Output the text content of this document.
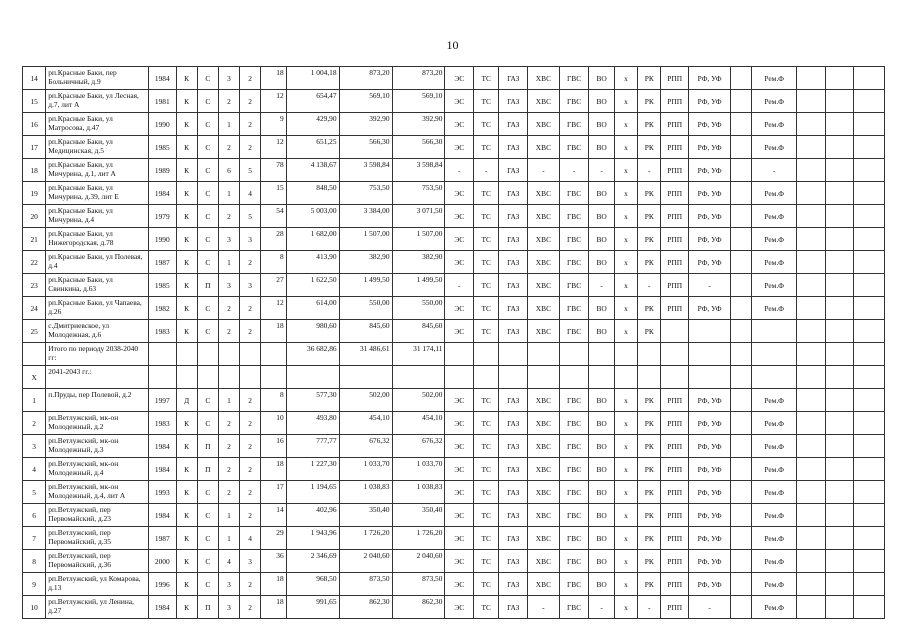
10
14	рп.Красные Баки, пер Больничный, д.9	1984	К	С	3	2	18	1 004,18	873,20	873,20	ЭС	ТС	ГАЗ	ХВС	ГВС	ВО	х	РК	РПП	РФ, УФ		Рем.Ф			
15	рп.Красные Баки, ул Лесная, д.7, лит А	1981	К	С	2	2	12	654,47	569,10	569,10	ЭС	ТС	ГАЗ	ХВС	ГВС	ВО	х	РК	РПП	РФ, УФ		Рем.Ф			
16	рп.Красные Баки, ул Матросова, д.47	1990	К	С	1	2	9	429,90	392,90	392,90	ЭС	ТС	ГАЗ	ХВС	ГВС	ВО	х	РК	РПП	РФ, УФ		Рем.Ф			
17	рп.Красные Баки, ул Медицинская, д.5	1985	К	С	2	2	12	651,25	566,30	566,30	ЭС	ТС	ГАЗ	ХВС	ГВС	ВО	х	РК	РПП	РФ, УФ		Рем.Ф			
18	рп.Красные Баки, ул Мичурина, д.1, лит А	1989	К	С	6	5	78	4 138,67	3 598,84	3 598,84	-	-	ГАЗ	-	-	-	х	-	РПП	РФ, УФ		-			
19	рп.Красные Баки, ул Мичурина, д.39, лит Е	1984	К	С	1	4	15	848,50	753,50	753,50	ЭС	ТС	ГАЗ	ХВС	ГВС	ВО	х	РК	РПП	РФ, УФ		Рем.Ф			
20	рп.Красные Баки, ул Мичурина, д.4	1979	К	С	2	5	54	5 003,00	3 384,00	3 071,50	ЭС	ТС	ГАЗ	ХВС	ГВС	ВО	х	РК	РПП	РФ, УФ		Рем.Ф			
21	рп.Красные Баки, ул Нижегородская, д.78	1990	К	С	3	3	28	1 682,00	1 507,00	1 507,00	ЭС	ТС	ГАЗ	ХВС	ГВС	ВО	х	РК	РПП	РФ, УФ		Рем.Ф			
22	рп.Красные Баки, ул Полевая, д.4	1987	К	С	1	2	8	413,90	382,90	382,90	ЭС	ТС	ГАЗ	ХВС	ГВС	ВО	х	РК	РПП	РФ, УФ		Рем.Ф			
23	рп.Красные Баки, ул Свинкина, д.63	1985	К	П	3	3	27	1 622,50	1 499,50	1 499,50	-	ТС	ГАЗ	ХВС	ГВС	-	х	-	РПП	-		Рем.Ф			
24	рп.Красные Баки, ул Чапаева, д.26	1982	К	С	2	2	12	614,00	550,00	550,00	ЭС	ТС	ГАЗ	ХВС	ГВС	ВО	х	РК	РПП	РФ, УФ		Рем.Ф			
25	с.Дмитриевское, ул Молодежная, д.6	1983	К	С	2	2	18	980,60	845,60	845,60	ЭС	ТС	ГАЗ	ХВС	ГВС	ВО	х	РК							
	Итого по периоду 2038-2040 гг:							36 682,86	31 486,61	31 174,11															
X	2041-2043 гг.:																								
1	п.Пруды, пер Полевой, д.2	1997	Д	С	1	2	8	577,30	502,00	502,00	ЭС	ТС	ГАЗ	ХВС	ГВС	ВО	х	РК	РПП	РФ, УФ		Рем.Ф			
2	рп.Ветлужский, мк-он Молодежный, д.2	1983	К	С	2	2	10	493,80	454,10	454,10	ЭС	ТС	ГАЗ	ХВС	ГВС	ВО	х	РК	РПП	РФ, УФ		Рем.Ф			
3	рп.Ветлужский, мк-он Молодежный, д.3	1984	К	П	2	2	16	777,77	676,32	676,32	ЭС	ТС	ГАЗ	ХВС	ГВС	ВО	х	РК	РПП	РФ, УФ		Рем.Ф			
4	рп.Ветлужский, мк-он Молодежный, д.4	1984	К	П	2	2	18	1 227,30	1 033,70	1 033,70	ЭС	ТС	ГАЗ	ХВС	ГВС	ВО	х	РК	РПП	РФ, УФ		Рем.Ф			
5	рп.Ветлужский, мк-он Молодежный, д.4, лит А	1993	К	С	2	2	17	1 194,65	1 038,83	1 038,83	ЭС	ТС	ГАЗ	ХВС	ГВС	ВО	х	РК	РПП	РФ, УФ		Рем.Ф			
6	рп.Ветлужский, пер Первомайский, д.23	1984	К	С	1	2	14	402,96	350,40	350,40	ЭС	ТС	ГАЗ	ХВС	ГВС	ВО	х	РК	РПП	РФ, УФ		Рем.Ф			
7	рп.Ветлужский, пер Первомайский, д.35	1987	К	С	1	4	29	1 943,96	1 726,20	1 726,20	ЭС	ТС	ГАЗ	ХВС	ГВС	ВО	х	РК	РПП	РФ, УФ		Рем.Ф			
8	рп.Ветлужский, пер Первомайский, д.36	2000	К	С	4	3	36	2 346,69	2 040,60	2 040,60	ЭС	ТС	ГАЗ	ХВС	ГВС	ВО	х	РК	РПП	РФ, УФ		Рем.Ф			
9	рп.Ветлужский, ул Комарова, д.13	1996	К	С	3	2	18	968,50	873,50	873,50	ЭС	ТС	ГАЗ	ХВС	ГВС	ВО	х	РК	РПП	РФ, УФ		Рем.Ф			
10	рп.Ветлужский, ул Ленина, д.27	1984	К	П	3	2	18	991,65	862,30	862,30	ЭС	ТС	ГАЗ	-	ГВС	-	х	-	РПП	-		Рем.Ф			
